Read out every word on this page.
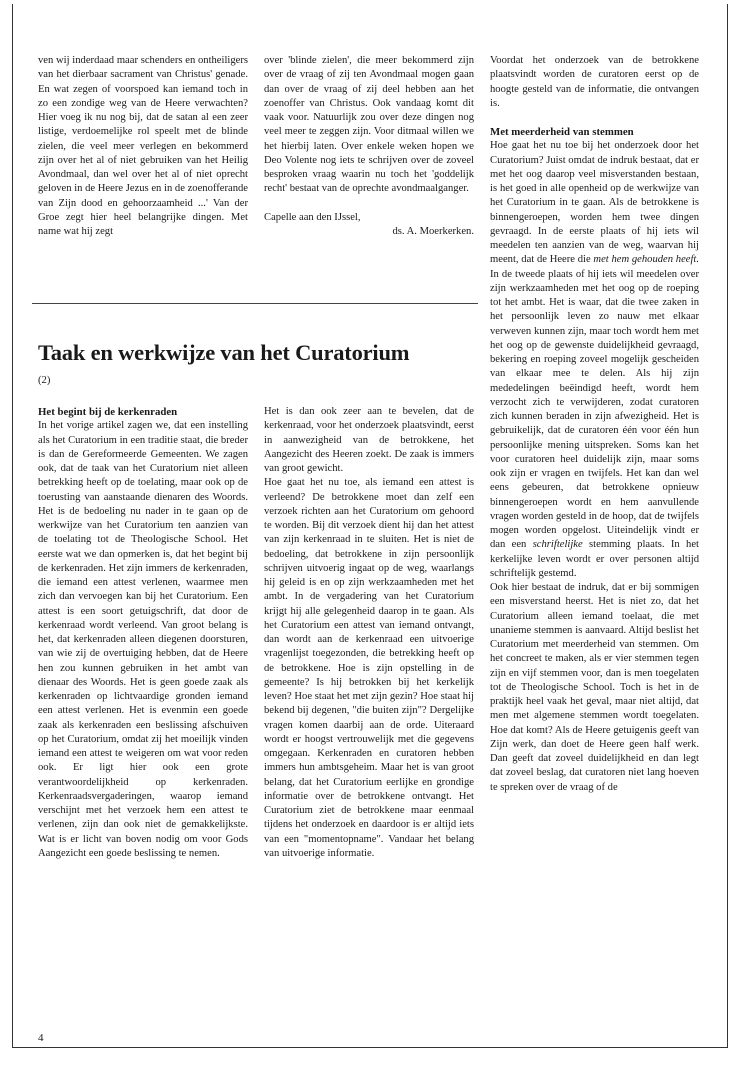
ven wij inderdaad maar schenders en ontheiligers van het dierbaar sacrament van Christus' genade. En wat zegen of voorspoed kan iemand toch in zo een zondige weg van de Heere verwachten? Hier voeg ik nu nog bij, dat de satan al een zeer listige, verdoemelijke rol speelt met de blinde zielen, die veel meer verlegen en bekommerd zijn over het al of niet gebruiken van het Heilig Avondmaal, dan wel over het al of niet oprecht geloven in de Heere Jezus en in de zoenofferande van Zijn dood en gehoorzaamheid ...' Van der Groe zegt hier heel belangrijke dingen. Met name wat hij zegt

over 'blinde zielen', die meer bekommerd zijn over de vraag of zij ten Avondmaal mogen gaan dan over de vraag of zij deel hebben aan het zoenoffer van Christus. Ook vandaag komt dit vaak voor. Natuurlijk zou over deze dingen nog veel meer te zeggen zijn. Voor ditmaal willen we het hierbij laten. Over enkele weken hopen we Deo Volente nog iets te schrijven over de zoveel besproken vraag waarin nu toch het 'goddelijk recht' bestaat van de oprechte avondmaalganger.

Capelle aan den IJssel,
ds. A. Moerkerken.

Taak en werkwijze van het Curatorium
(2)
Het begint bij de kerkenraden

In het vorige artikel zagen we, dat een instelling als het Curatorium in een traditie staat, die breder is dan de Gereformeerde Gemeenten. We zagen ook, dat de taak van het Curatorium niet alleen betrekking heeft op de toelating, maar ook op de toerusting van aanstaande dienaren des Woords. Het is de bedoeling nu nader in te gaan op de werkwijze van het Curatorium ten aanzien van de toelating tot de Theologische School. Het eerste wat we dan opmerken is, dat het begint bij de kerkenraden. Het zijn immers de kerkenraden, die iemand een attest verlenen, waarmee men zich dan vervoegen kan bij het Curatorium. Een attest is een soort getuigschrift, dat door de kerkenraad wordt verleend. Van groot belang is het, dat kerkenraden alleen diegenen doorsturen, van wie zij de overtuiging hebben, dat de Heere hen zou kunnen gebruiken in het ambt van dienaar des Woords. Het is geen goede zaak als kerkenraden op lichtvaardige gronden iemand een attest verlenen. Het is evenmin een goede zaak als kerkenraden een beslissing afschuiven op het Curatorium, omdat zij het moeilijk vinden iemand een attest te weigeren om wat voor reden ook. Er ligt hier ook een grote verantwoordelijkheid op kerkenraden. Kerkenraadsvergaderingen, waarop iemand verschijnt met het verzoek hem een attest te verlenen, zijn dan ook niet de gemakkelijkste. Wat is er licht van boven nodig om voor Gods Aangezicht een goede beslissing te nemen.

Het is dan ook zeer aan te bevelen, dat de kerkenraad, voor het onderzoek plaatsvindt, eerst in aanwezigheid van de betrokkene, het Aangezicht des Heeren zoekt. De zaak is immers van groot gewicht.

Hoe gaat het nu toe, als iemand een attest is verleend? De betrokkene moet dan zelf een verzoek richten aan het Curatorium om gehoord te worden. Bij dit verzoek dient hij dan het attest van zijn kerkenraad in te sluiten. Het is niet de bedoeling, dat betrokkene in zijn persoonlijk schrijven uitvoerig ingaat op de weg, waarlangs hij geleid is en op zijn werkzaamheden met het ambt. In de vergadering van het Curatorium krijgt hij alle gelegenheid daarop in te gaan. Als het Curatorium een attest van iemand ontvangt, dan wordt aan de kerkenraad een uitvoerige vragenlijst toegezonden, die betrekking heeft op de betrokkene. Hoe is zijn opstelling in de gemeente? Is hij betrokken bij het kerkelijk leven? Hoe staat het met zijn gezin? Hoe staat hij bekend bij degenen, "die buiten zijn"? Dergelijke vragen komen daarbij aan de orde. Uiteraard wordt er hoogst vertrouwelijk met die gegevens omgegaan. Kerkenraden en curatoren hebben immers hun ambtsgeheim. Maar het is van groot belang, dat het Curatorium eerlijke en grondige informatie over de betrokkene ontvangt. Het Curatorium ziet de betrokkene maar eenmaal tijdens het onderzoek en daardoor is er altijd iets van een "momentopname". Vandaar het belang van uitvoerige informatie.

Voordat het onderzoek van de betrokkene plaatsvindt worden de curatoren eerst op de hoogte gesteld van de informatie, die ontvangen is.

Met meerderheid van stemmen

Hoe gaat het nu toe bij het onderzoek door het Curatorium? Juist omdat de indruk bestaat, dat er met het oog daarop veel misverstanden bestaan, is het goed in alle openheid op de werkwijze van het Curatorium in te gaan. Als de betrokkene is binnengeroepen, worden hem twee dingen gevraagd. In de eerste plaats of hij iets wil meedelen ten aanzien van de weg, waarvan hij meent, dat de Heere die met hem gehouden heeft. In de tweede plaats of hij iets wil meedelen over zijn werkzaamheden met het oog op de roeping tot het ambt. Het is waar, dat die twee zaken in het persoonlijk leven zo nauw met elkaar verweven kunnen zijn, maar toch wordt hem met het oog op de gewenste duidelijkheid gevraagd, bekering en roeping zoveel mogelijk gescheiden van elkaar mee te delen. Als hij zijn mededelingen beëindigd heeft, wordt hem verzocht zich te verwijderen, zodat curatoren zich kunnen beraden in zijn afwezigheid. Het is gebruikelijk, dat de curatoren één voor één hun persoonlijke mening uitspreken. Soms kan het voor curatoren heel duidelijk zijn, maar soms ook zijn er vragen en twijfels. Het kan dan wel eens gebeuren, dat betrokkene opnieuw binnengeroepen wordt en hem aanvullende vragen worden gesteld in de hoop, dat de twijfels mogen worden opgelost. Uiteindelijk vindt er dan een schriftelijke stemming plaats. In het kerkelijke leven wordt er over personen altijd schriftelijk gestemd.

Ook hier bestaat de indruk, dat er bij sommigen een misverstand heerst. Het is niet zo, dat het Curatorium alleen iemand toelaat, die met unanieme stemmen is aanvaard. Altijd beslist het Curatorium met meerderheid van stemmen. Om het concreet te maken, als er vier stemmen tegen zijn en vijf stemmen voor, dan is men toegelaten tot de Theologische School. Toch is het in de praktijk heel vaak het geval, maar niet altijd, dat men met algemene stemmen wordt toegelaten. Hoe dat komt? Als de Heere getuigenis geeft van Zijn werk, dan doet de Heere geen half werk. Dan geeft dat zoveel duidelijkheid en dan legt dat zoveel beslag, dat curatoren niet lang hoeven te spreken over de vraag of de

4
